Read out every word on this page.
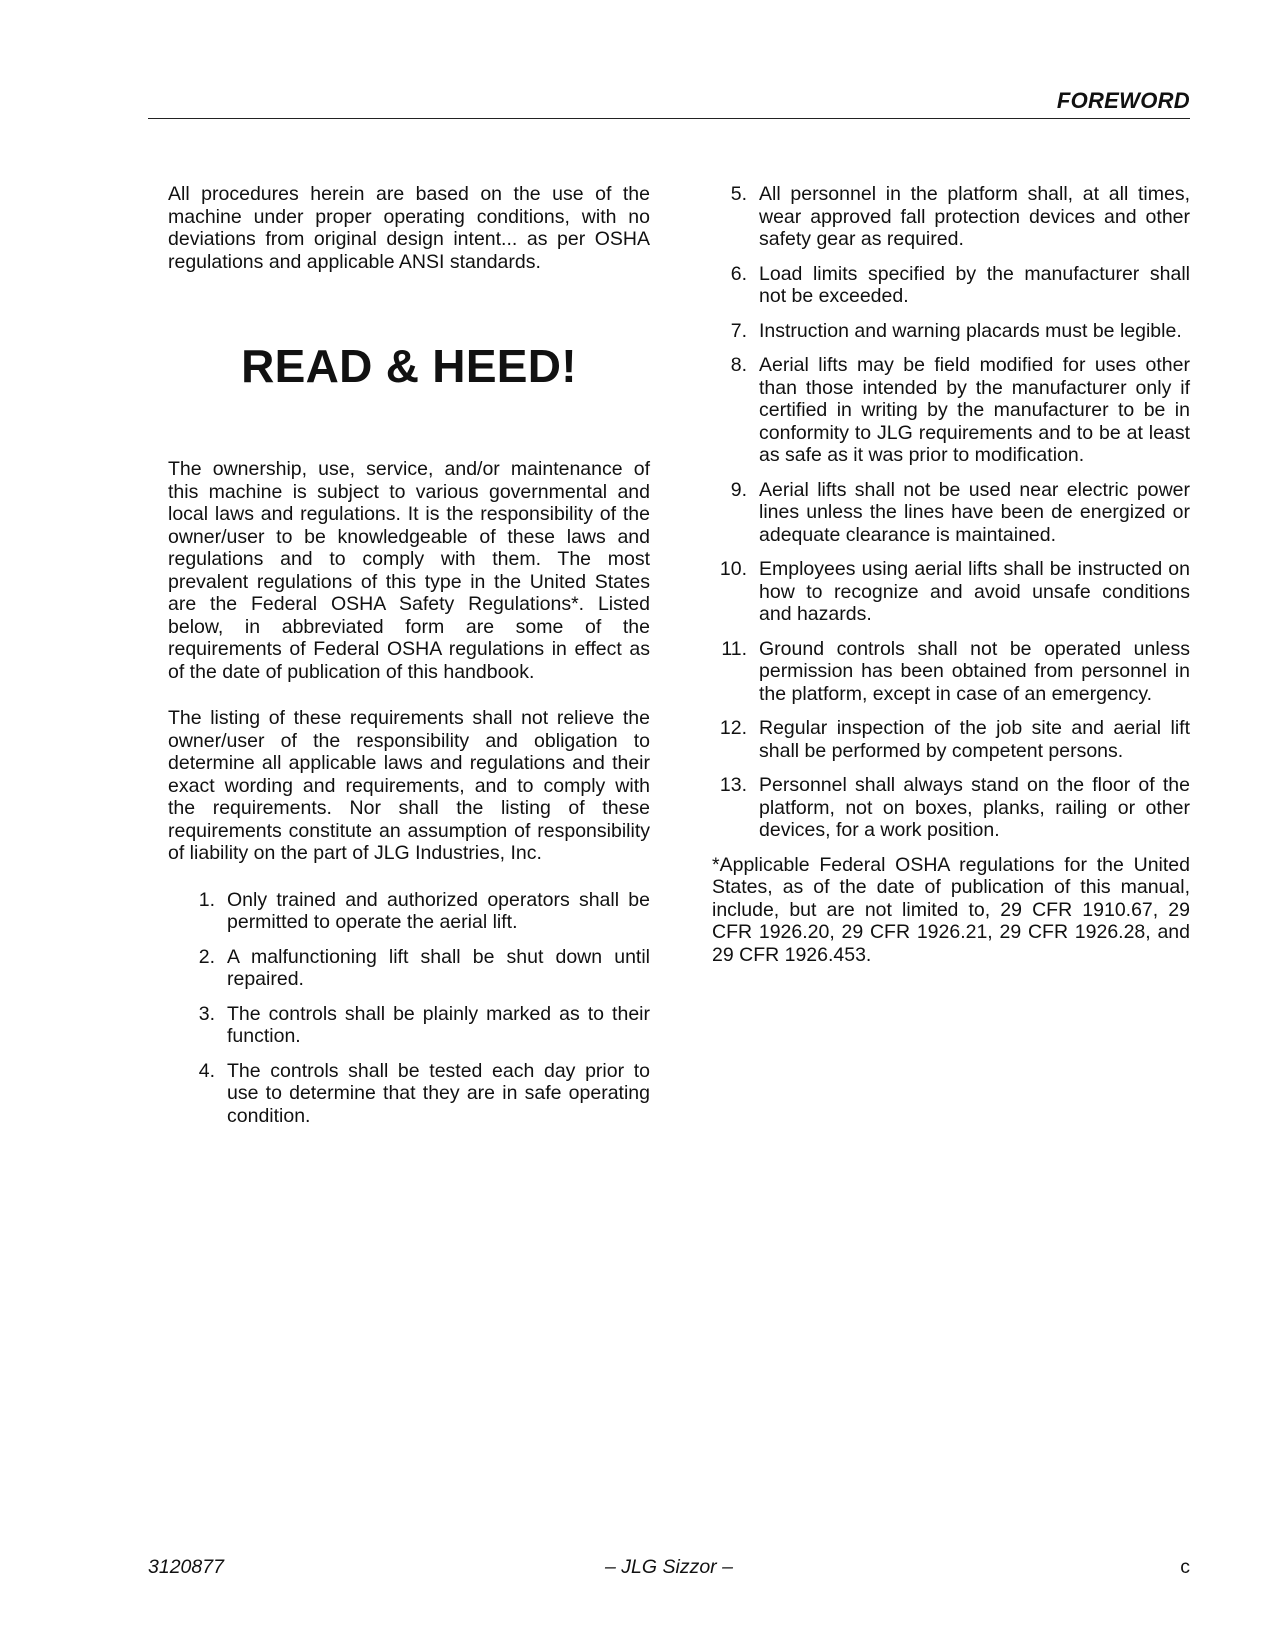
FOREWORD

All procedures herein are based on the use of the machine under proper operating conditions, with no deviations from original design intent... as per OSHA regulations and applicable ANSI standards.

READ & HEED!

The ownership, use, service, and/or maintenance of this machine is subject to various governmental and local laws and regulations. It is the responsibility of the owner/user to be knowledgeable of these laws and regulations and to comply with them. The most prevalent regulations of this type in the United States are the Federal OSHA Safety Regulations*. Listed below, in abbreviated form are some of the requirements of Federal OSHA regulations in effect as of the date of publication of this handbook.

The listing of these requirements shall not relieve the owner/user of the responsibility and obligation to determine all applicable laws and regulations and their exact wording and requirements, and to comply with the requirements. Nor shall the listing of these requirements constitute an assumption of responsibility of liability on the part of JLG Industries, Inc.

1. Only trained and authorized operators shall be permitted to operate the aerial lift.
2. A malfunctioning lift shall be shut down until repaired.
3. The controls shall be plainly marked as to their function.
4. The controls shall be tested each day prior to use to determine that they are in safe operating condition.
5. All personnel in the platform shall, at all times, wear approved fall protection devices and other safety gear as required.
6. Load limits specified by the manufacturer shall not be exceeded.
7. Instruction and warning placards must be legible.
8. Aerial lifts may be field modified for uses other than those intended by the manufacturer only if certified in writing by the manufacturer to be in conformity to JLG requirements and to be at least as safe as it was prior to modification.
9. Aerial lifts shall not be used near electric power lines unless the lines have been de energized or adequate clearance is maintained.
10. Employees using aerial lifts shall be instructed on how to recognize and avoid unsafe conditions and hazards.
11. Ground controls shall not be operated unless permission has been obtained from personnel in the platform, except in case of an emergency.
12. Regular inspection of the job site and aerial lift shall be performed by competent persons.
13. Personnel shall always stand on the floor of the platform, not on boxes, planks, railing or other devices, for a work position.

*Applicable Federal OSHA regulations for the United States, as of the date of publication of this manual, include, but are not limited to, 29 CFR 1910.67, 29 CFR 1926.20, 29 CFR 1926.21, 29 CFR 1926.28, and 29 CFR 1926.453.

3120877	– JLG Sizzor –	c
